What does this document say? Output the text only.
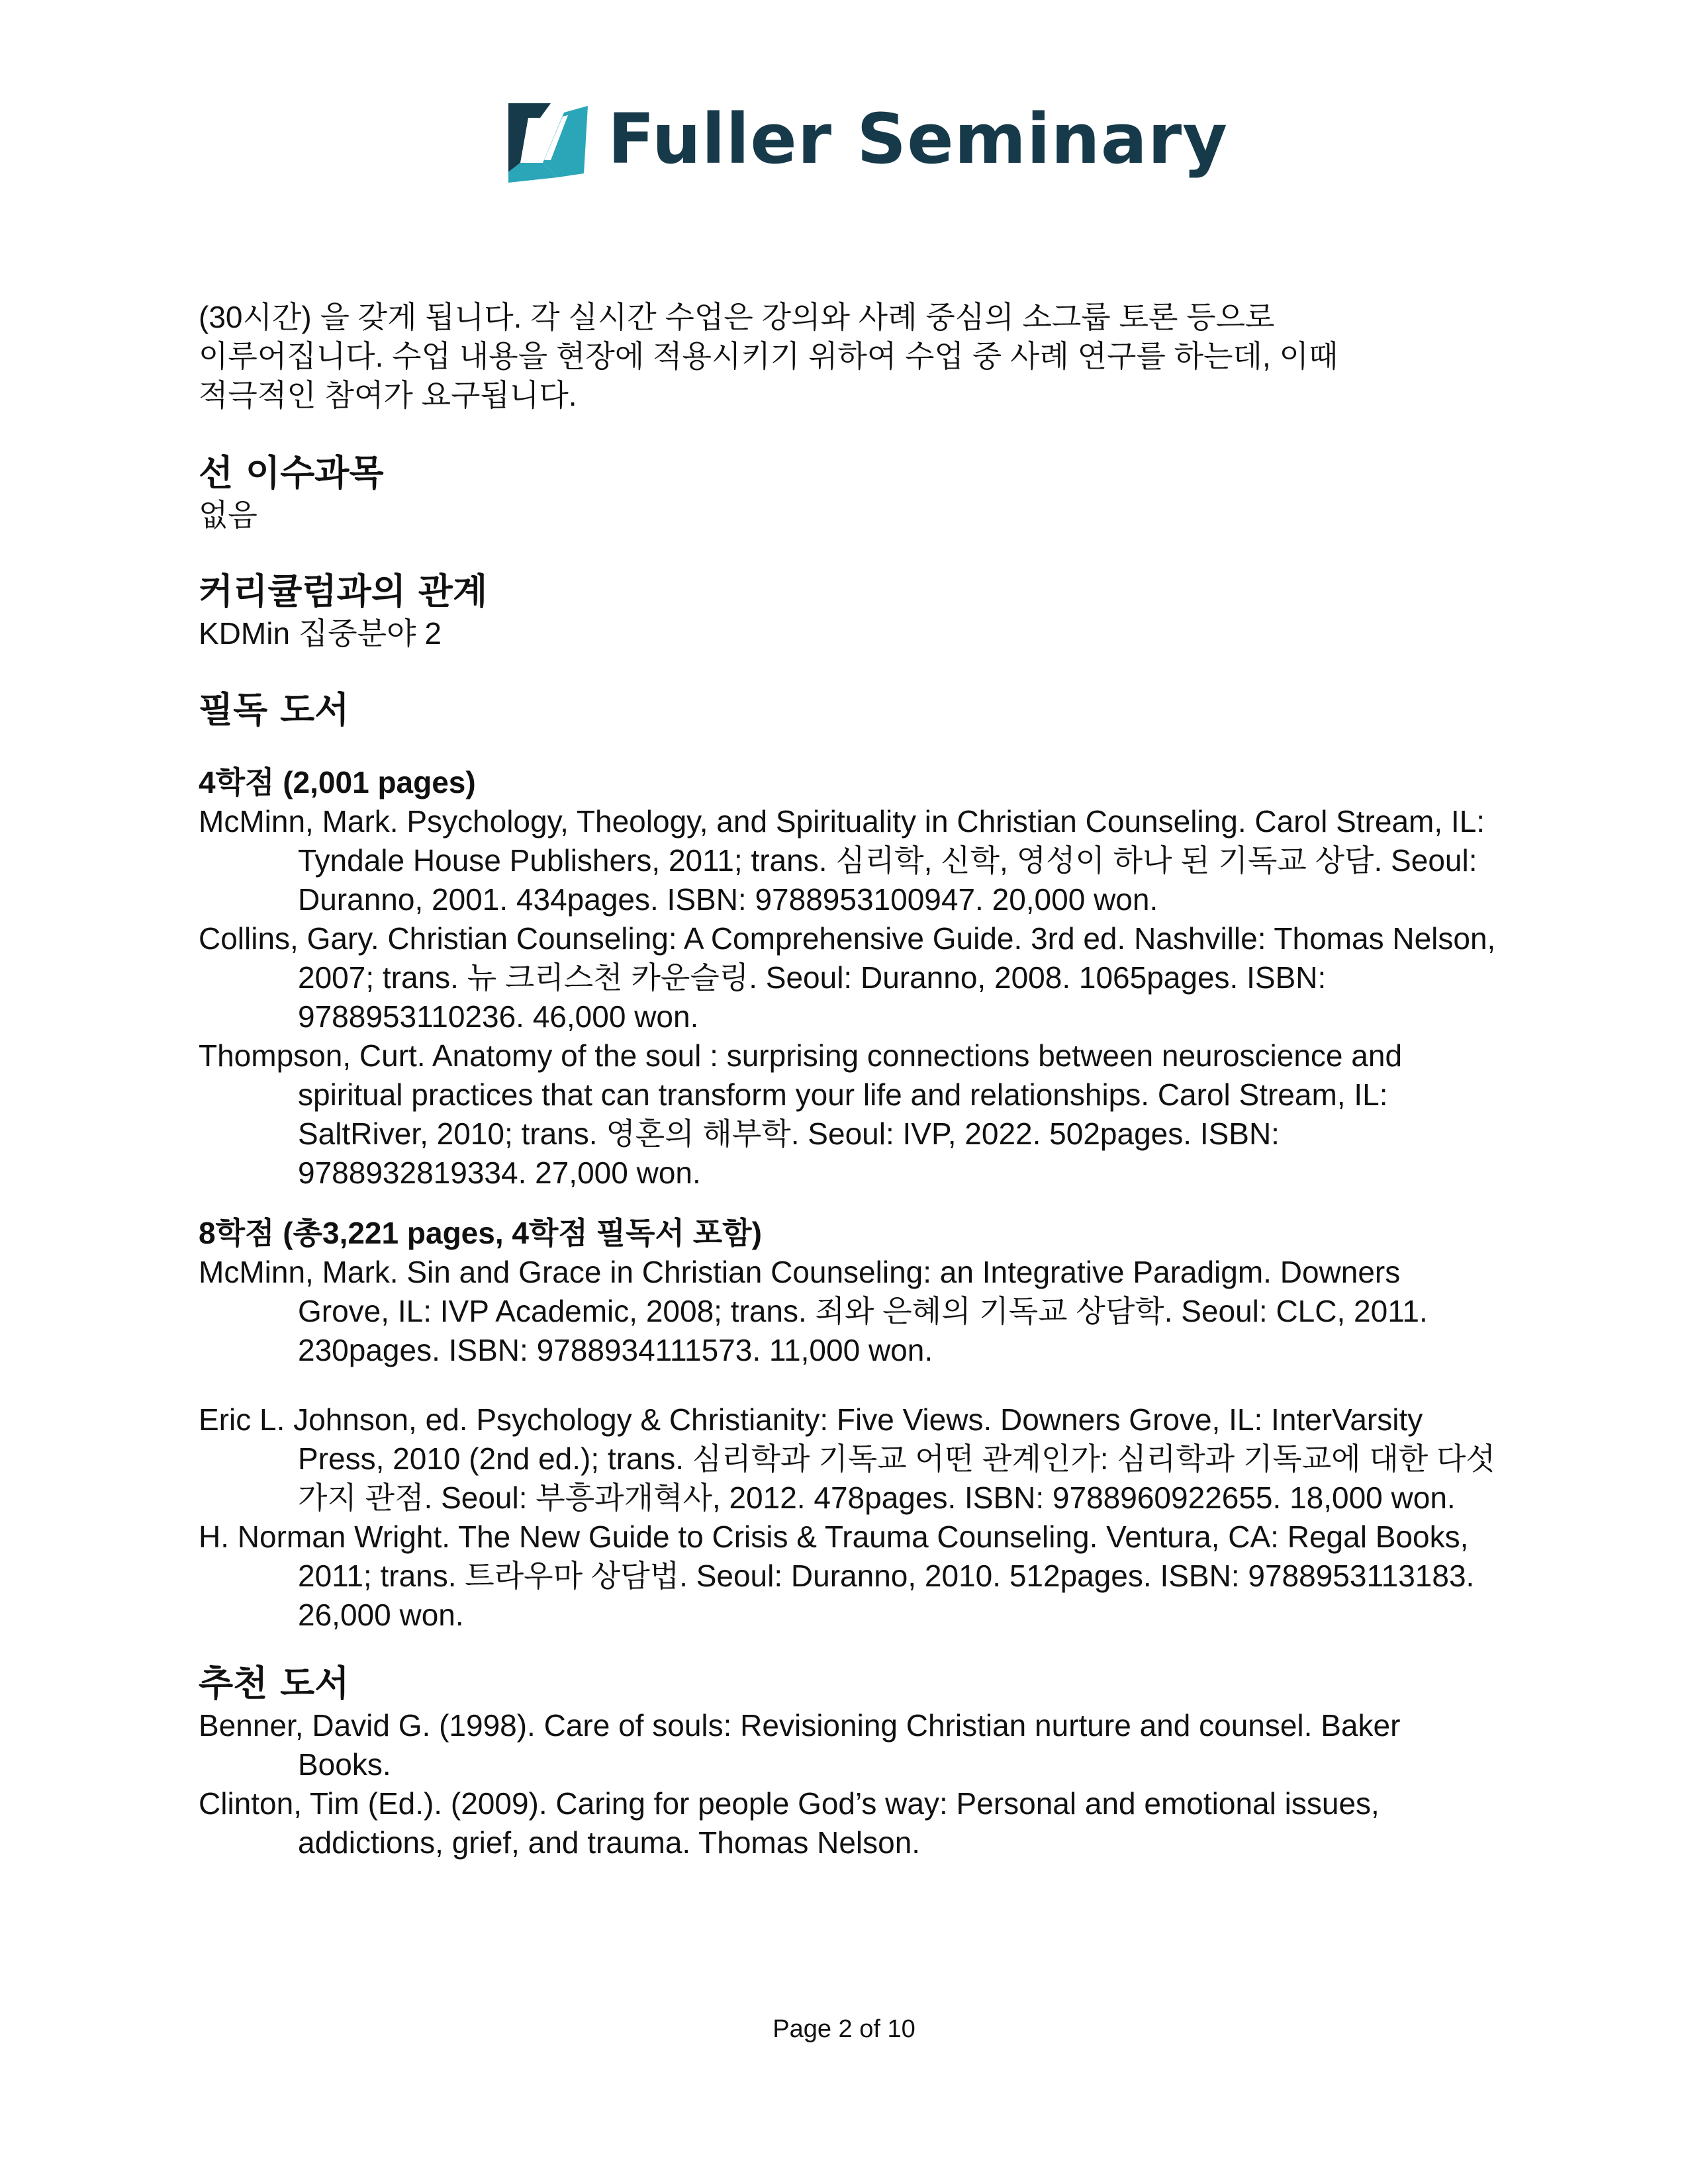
Fuller Seminary

(30시간) 을 갖게 됩니다. 각 실시간 수업은 강의와 사례 중심의 소그룹 토론 등으로

이루어집니다. 수업 내용을 현장에 적용시키기 위하여 수업 중 사례 연구를 하는데, 이때

적극적인 참여가 요구됩니다.

선 이수과목

없음

커리큘럼과의 관계

KDMin 집중분야 2

필독 도서

4학점 (2,001 pages)

McMinn, Mark. Psychology, Theology, and Spirituality in Christian Counseling. Carol Stream, IL: Tyndale House Publishers, 2011; trans. 심리학, 신학, 영성이 하나 된 기독교 상담. Seoul: Duranno, 2001. 434pages. ISBN: 9788953100947. 20,000 won.

Collins, Gary. Christian Counseling: A Comprehensive Guide. 3rd ed. Nashville: Thomas Nelson, 2007; trans. 뉴 크리스천 카운슬링. Seoul: Duranno, 2008. 1065pages. ISBN: 9788953110236. 46,000 won.

Thompson, Curt. Anatomy of the soul : surprising connections between neuroscience and spiritual practices that can transform your life and relationships. Carol Stream, IL: SaltRiver, 2010; trans. 영혼의 해부학. Seoul: IVP, 2022. 502pages. ISBN: 9788932819334. 27,000 won.

8학점 (총3,221 pages, 4학점 필독서 포함)

McMinn, Mark. Sin and Grace in Christian Counseling: an Integrative Paradigm. Downers Grove, IL: IVP Academic, 2008; trans. 죄와 은혜의 기독교 상담학. Seoul: CLC, 2011. 230pages. ISBN: 9788934111573. 11,000 won.

Eric L. Johnson, ed. Psychology & Christianity: Five Views. Downers Grove, IL: InterVarsity Press, 2010 (2nd ed.); trans. 심리학과 기독교 어떤 관계인가: 심리학과 기독교에 대한 다섯 가지 관점. Seoul: 부흥과개혁사, 2012. 478pages. ISBN: 9788960922655. 18,000 won.

H. Norman Wright. The New Guide to Crisis & Trauma Counseling. Ventura, CA: Regal Books, 2011; trans. 트라우마 상담법. Seoul: Duranno, 2010. 512pages. ISBN: 9788953113183. 26,000 won.

추천 도서

Benner, David G. (1998). Care of souls: Revisioning Christian nurture and counsel. Baker Books.

Clinton, Tim (Ed.). (2009). Caring for people God’s way: Personal and emotional issues, addictions, grief, and trauma. Thomas Nelson.

Page 2 of 10
